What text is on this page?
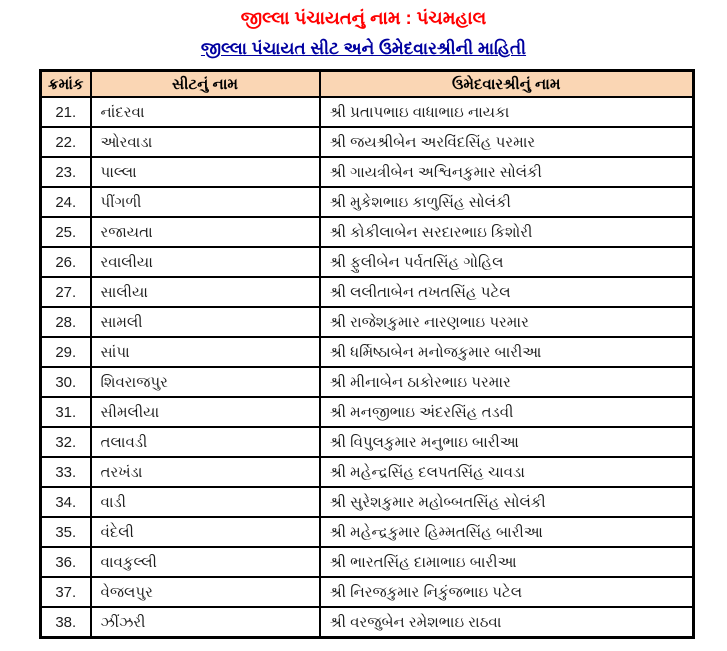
જીલ્લા પંચાયતનું નામ : પંચમહાલ
જીલ્લા પંચાયત સીટ અને ઉમેદવારશ્રીની માહિતી
ક્રમાંક	સીટનું નામ	ઉમેદવારશ્રીનું નામ
21.	નાંદરવા	શ્રી પ્રતાપભાઇ વાધાભાઇ નાયકા
22.	ઓરવાડા	શ્રી જયશ્રીબેન અરવિંદસિંહ પરમાર
23.	પાલ્લા	શ્રી ગાયત્રીબેન અશ્વિનકુમાર સોલંકી
24.	પીંગળી	શ્રી મુકેશભાઇ કાળુસિંહ સોલંકી
25.	રજાયતા	શ્રી કોકીલાબેન સરદારભાઇ કિશોરી
26.	રવાલીયા	શ્રી ફુલીબેન પર્વતસિંહ ગોહિલ
27.	સાલીયા	શ્રી લલીતાબેન તખતસિંહ પટેલ
28.	સામલી	શ્રી રાજેશકુમાર નારણભાઇ પરમાર
29.	સાંપા	શ્રી ધર્મિષ્ઠાબેન મનોજકુમાર બારીઆ
30.	શિવરાજપુર	શ્રી મીનાબેન ઠાકોરભાઇ પરમાર
31.	સીમલીયા	શ્રી મનજીભાઇ અંદરસિંહ તડવી
32.	તલાવડી	શ્રી વિપુલકુમાર મનુભાઇ બારીઆ
33.	તરખંડા	શ્રી મહેન્દ્રસિંહ દલપતસિંહ ચાવડા
34.	વાડી	શ્રી સુરેશકુમાર મહોબ્બતસિંહ સોલંકી
35.	વંદેલી	શ્રી મહેન્દ્રકુમાર હિમ્મતસિંહ બારીઆ
36.	વાવકુલ્લી	શ્રી ભારતસિંહ દામાભાઇ બારીઆ
37.	વેજલપુર	શ્રી નિરજકુમાર નિકુંજભાઇ પટેલ
38.	ઝીંઝરી	શ્રી વરજુબેન રમેશભાઇ રાઠવા
